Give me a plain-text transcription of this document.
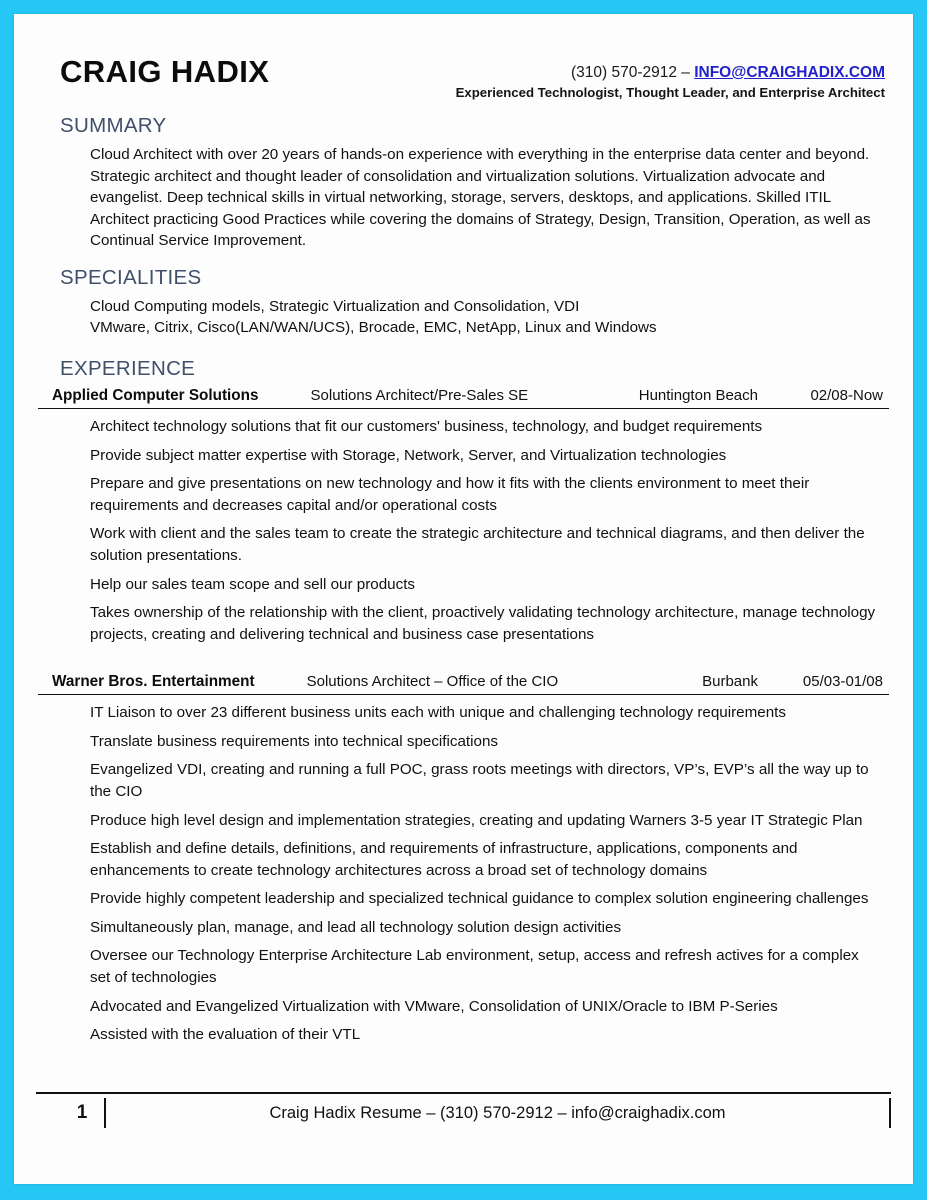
CRAIG HADIX	(310) 570-2912 – INFO@CRAIGHADIX.COM
Experienced Technologist, Thought Leader, and Enterprise Architect
SUMMARY
Cloud Architect with over 20 years of hands-on experience with everything in the enterprise data center and beyond. Strategic architect and thought leader of consolidation and virtualization solutions. Virtualization advocate and evangelist. Deep technical skills in virtual networking, storage, servers, desktops, and applications. Skilled ITIL Architect practicing Good Practices while covering the domains of Strategy, Design, Transition, Operation, as well as Continual Service Improvement.
SPECIALITIES
Cloud Computing models, Strategic Virtualization and Consolidation, VDI
VMware, Citrix, Cisco(LAN/WAN/UCS), Brocade, EMC, NetApp, Linux and Windows
EXPERIENCE
Applied Computer Solutions	Solutions Architect/Pre-Sales SE	Huntington Beach	02/08-Now
Architect technology solutions that fit our customers' business, technology, and budget requirements
Provide subject matter expertise with Storage, Network, Server, and Virtualization technologies
Prepare and give presentations on new technology and how it fits with the clients environment to meet their requirements and decreases capital and/or operational costs
Work with client and the sales team to create the strategic architecture and technical diagrams, and then deliver the solution presentations.
Help our sales team scope and sell our products
Takes ownership of the relationship with the client, proactively validating technology architecture, manage technology projects, creating and delivering technical and business case presentations
Warner Bros. Entertainment	Solutions Architect – Office of the CIO	Burbank	05/03-01/08
IT Liaison to over 23 different business units each with unique and challenging technology requirements
Translate business requirements into technical specifications
Evangelized VDI, creating and running a full POC, grass roots meetings with directors, VP’s, EVP’s all the way up to the CIO
Produce high level design and implementation strategies, creating and updating Warners 3-5 year IT Strategic Plan
Establish and define details, definitions, and requirements of infrastructure, applications, components and enhancements to create technology architectures across a broad set of technology domains
Provide highly competent leadership and specialized technical guidance to complex solution engineering challenges
Simultaneously plan, manage, and lead all technology solution design activities
Oversee our Technology Enterprise Architecture Lab environment, setup, access and refresh actives for a complex set of technologies
Advocated and Evangelized Virtualization with VMware, Consolidation of UNIX/Oracle to IBM P-Series
Assisted with the evaluation of their VTL
1	Craig Hadix Resume – (310) 570-2912 – info@craighadix.com
